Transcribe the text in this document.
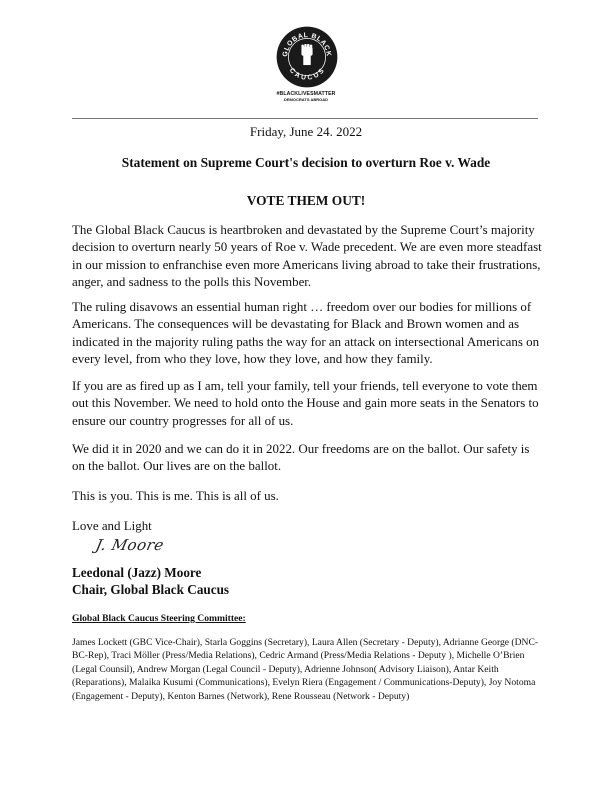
GLOBAL BLACK
CAUCUS
#BLACKLIVESMATTER
DEMOCRATS ABROAD
Friday, June 24. 2022
Statement on Supreme Court's decision to overturn Roe v. Wade
VOTE THEM OUT!

The Global Black Caucus is heartbroken and devastated by the Supreme Court’s majority decision to overturn nearly 50 years of Roe v. Wade precedent. We are even more steadfast in our mission to enfranchise even more Americans living abroad to take their frustrations, anger, and sadness to the polls this November.

The ruling disavows an essential human right … freedom over our bodies for millions of Americans. The consequences will be devastating for Black and Brown women and as indicated in the majority ruling paths the way for an attack on intersectional Americans on every level, from who they love, how they love, and how they family.

If you are as fired up as I am, tell your family, tell your friends, tell everyone to vote them out this November. We need to hold onto the House and gain more seats in the Senators to ensure our country progresses for all of us.

We did it in 2020 and we can do it in 2022. Our freedoms are on the ballot. Our safety is on the ballot. Our lives are on the ballot.

This is you. This is me. This is all of us.

Love and Light
J. Moore
Leedonal (Jazz) Moore
Chair, Global Black Caucus
Global Black Caucus Steering Committee:

James Lockett (GBC Vice-Chair), Starla Goggins (Secretary), Laura Allen (Secretary - Deputy), Adrianne George (DNC-BC-Rep), Traci Möller (Press/Media Relations), Cedric Armand (Press/Media Relations - Deputy ), Michelle O’Brien (Legal Counsil), Andrew Morgan (Legal Council - Deputy), Adrienne Johnson( Advisory Liaison), Antar Keith (Reparations), Malaika Kusumi (Communications), Evelyn Riera (Engagement / Communications-Deputy), Joy Notoma (Engagement - Deputy), Kenton Barnes (Network), Rene Rousseau (Network - Deputy)
